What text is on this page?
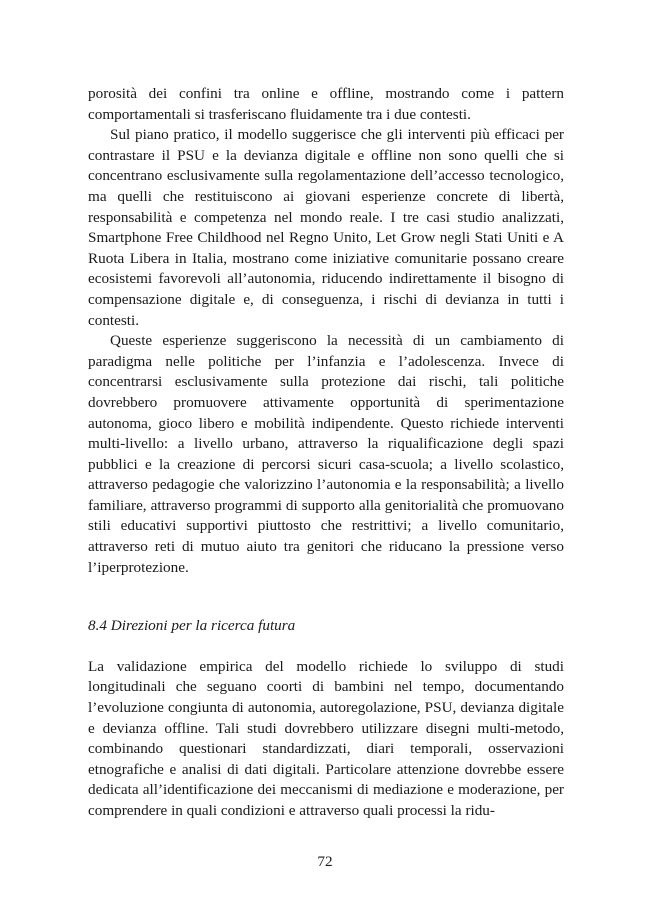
porosità dei confini tra online e offline, mostrando come i pattern comportamentali si trasferiscano fluidamente tra i due contesti.

Sul piano pratico, il modello suggerisce che gli interventi più efficaci per contrastare il PSU e la devianza digitale e offline non sono quelli che si concentrano esclusivamente sulla regolamentazione dell’accesso tecnologico, ma quelli che restituiscono ai giovani esperienze concrete di libertà, responsabilità e competenza nel mondo reale. I tre casi studio analizzati, Smartphone Free Childhood nel Regno Unito, Let Grow negli Stati Uniti e A Ruota Libera in Italia, mostrano come iniziative comunitarie possano creare ecosistemi favorevoli all’autonomia, riducendo indirettamente il bisogno di compensazione digitale e, di conseguenza, i rischi di devianza in tutti i contesti.

Queste esperienze suggeriscono la necessità di un cambiamento di paradigma nelle politiche per l’infanzia e l’adolescenza. Invece di concentrarsi esclusivamente sulla protezione dai rischi, tali politiche dovrebbero promuovere attivamente opportunità di sperimentazione autonoma, gioco libero e mobilità indipendente. Questo richiede interventi multi-livello: a livello urbano, attraverso la riqualificazione degli spazi pubblici e la creazione di percorsi sicuri casa-scuola; a livello scolastico, attraverso pedagogie che valorizzino l’autonomia e la responsabilità; a livello familiare, attraverso programmi di supporto alla genitorialità che promuovano stili educativi supportivi piuttosto che restrittivi; a livello comunitario, attraverso reti di mutuo aiuto tra genitori che riducano la pressione verso l’iperprotezione.

8.4 Direzioni per la ricerca futura

La validazione empirica del modello richiede lo sviluppo di studi longitudinali che seguano coorti di bambini nel tempo, documentando l’evoluzione congiunta di autonomia, autoregolazione, PSU, devianza digitale e devianza offline. Tali studi dovrebbero utilizzare disegni multi-metodo, combinando questionari standardizzati, diari temporali, osservazioni etnografiche e analisi di dati digitali. Particolare attenzione dovrebbe essere dedicata all’identificazione dei meccanismi di mediazione e moderazione, per comprendere in quali condizioni e attraverso quali processi la ridu-

72
